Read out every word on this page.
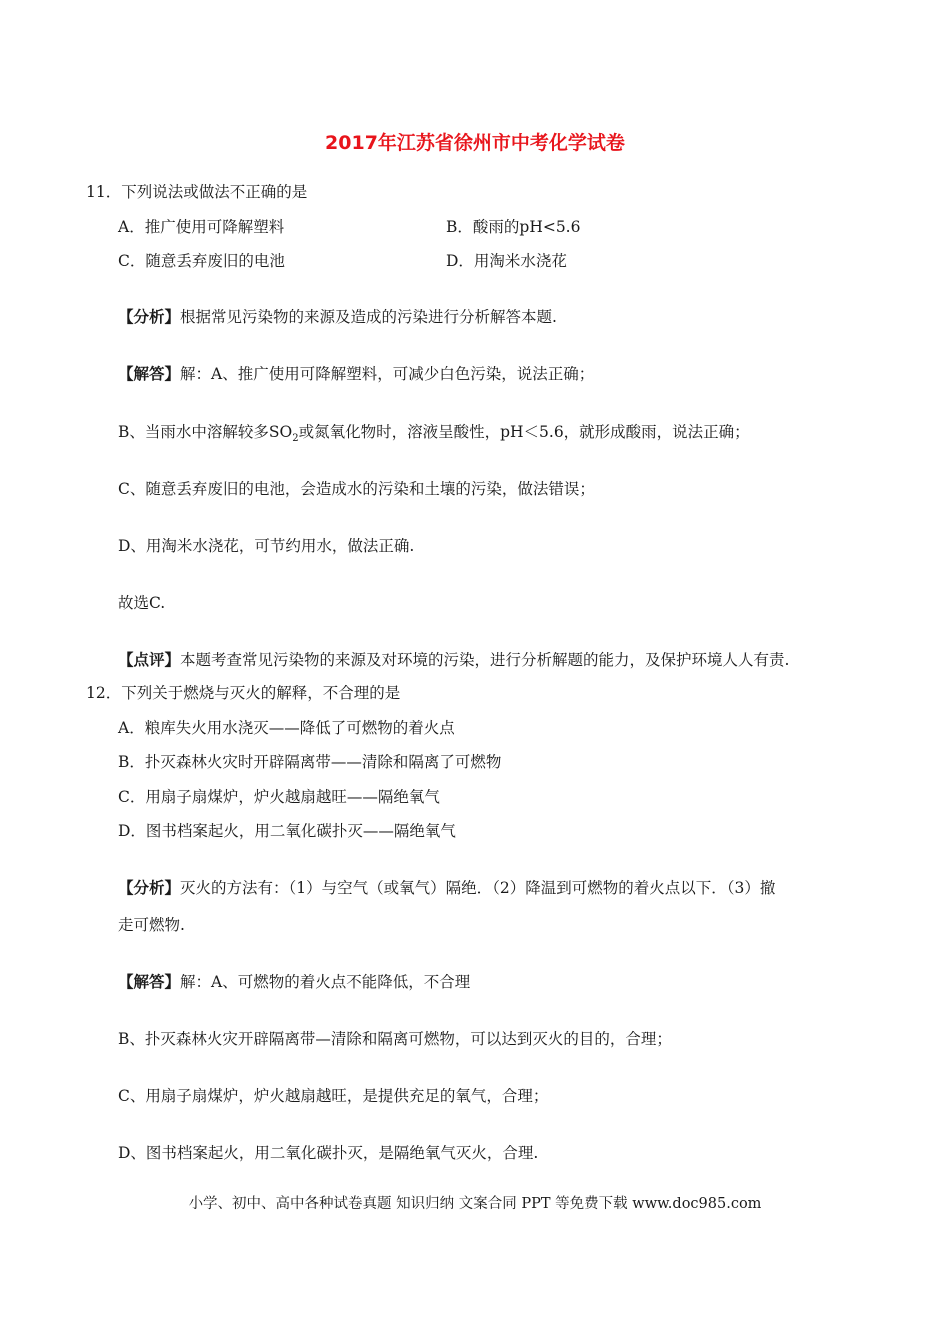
2017年江苏省徐州市中考化学试卷
11．下列说法或做法不正确的是
A．推广使用可降解塑料	B．酸雨的pH<5.6
C．随意丢弃废旧的电池	D．用淘米水浇花
【分析】根据常见污染物的来源及造成的污染进行分析解答本题.
【解答】解：A、推广使用可降解塑料，可减少白色污染，说法正确；
B、当雨水中溶解较多$SO_2$或氮氧化物时，溶液呈酸性，pH＜5.6，就形成酸雨，说法正确；
C、随意丢弃废旧的电池，会造成水的污染和土壤的污染，做法错误；
D、用淘米水浇花，可节约用水，做法正确.
故选C.
【点评】本题考查常见污染物的来源及对环境的污染，进行分析解题的能力，及保护环境人人有责.
12．下列关于燃烧与灭火的解释，不合理的是
A．粮库失火用水浇灭——降低了可燃物的着火点
B．扑灭森林火灾时开辟隔离带——清除和隔离了可燃物
C．用扇子扇煤炉，炉火越扇越旺——隔绝氧气
D．图书档案起火，用二氧化碳扑灭——隔绝氧气
【分析】灭火的方法有：（1）与空气（或氧气）隔绝．（2）降温到可燃物的着火点以下．（3）撤
走可燃物.
【解答】解：A、可燃物的着火点不能降低，不合理
B、扑灭森林火灾开辟隔离带—清除和隔离可燃物，可以达到灭火的目的，合理；
C、用扇子扇煤炉，炉火越扇越旺，是提供充足的氧气，合理；
D、图书档案起火，用二氧化碳扑灭，是隔绝氧气灭火，合理.
小学、初中、高中各种试卷真题 知识归纳 文案合同 PPT 等免费下载 www.doc985.com
